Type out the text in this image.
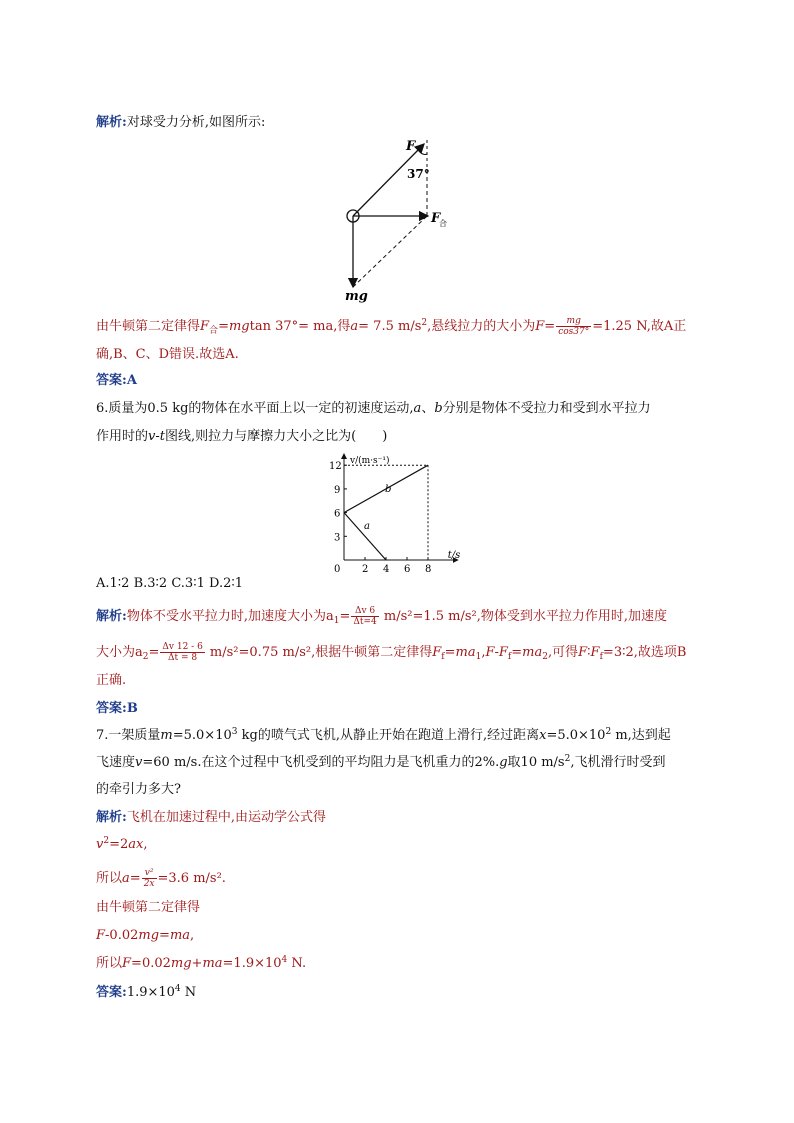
解析:对球受力分析,如图所示:
F
37°
F
合
mg
由牛顿第二定律得$F_合=mgtan$ 37°= ma,得a= 7.5 $m/s^2$,悬线拉力的大小为$F= \frac{mg}{\cos 37^\circ} =1.25$ N,故A正
确,B、C、D错误.故选A.
答案:A
6.质量为0.5 kg的物体在水平面上以一定的初速度运动,a、b分别是物体不受拉力和受到水平拉力
作用时的v-t图线,则拉力与摩擦力大小之比为(　　)
a
b
2 4 6 8
3
6
9
12
0
t/s
v/(m·s⁻¹)
A.1∶2 B.3∶2 C.3∶1 D.2∶1
解析:物体不受水平拉力时,加速度大小为$a_1= \frac{\Delta v 6}{\Delta t=4} m/s^2=1.5$ m/s²,物体受到水平拉力作用时,加速度
大小为$a_2= \frac{\Delta v 12 - 6}{\Delta t = 8} m/s^2=0.75$ m/s²,根据牛顿第二定律得$F_f=ma_1,F-F_f=ma_2$,可得$F∶F_f=3∶2$,故选项B
正确.
答案:B
7.一架质量$m=5.0\times 10^3$ kg的喷气式飞机,从静止开始在跑道上滑行,经过距离$x=5.0\times 10^2$ m,达到起
飞速度v=60 m/s.在这个过程中飞机受到的平均阻力是飞机重力的2%.g取10 $m/s^2$,飞机滑行时受到
的牵引力多大?
解析:飞机在加速过程中,由运动学公式得
$v^2=2ax$,
所以$a= \frac{\text{v²}}{2x} =3.6$ m/s².
由牛顿第二定律得
F-0.02mg=ma,
所以$F=0.02mg+ma=1.9\times 10^4$ N.
答案$:1.9\times 10^4$ N
